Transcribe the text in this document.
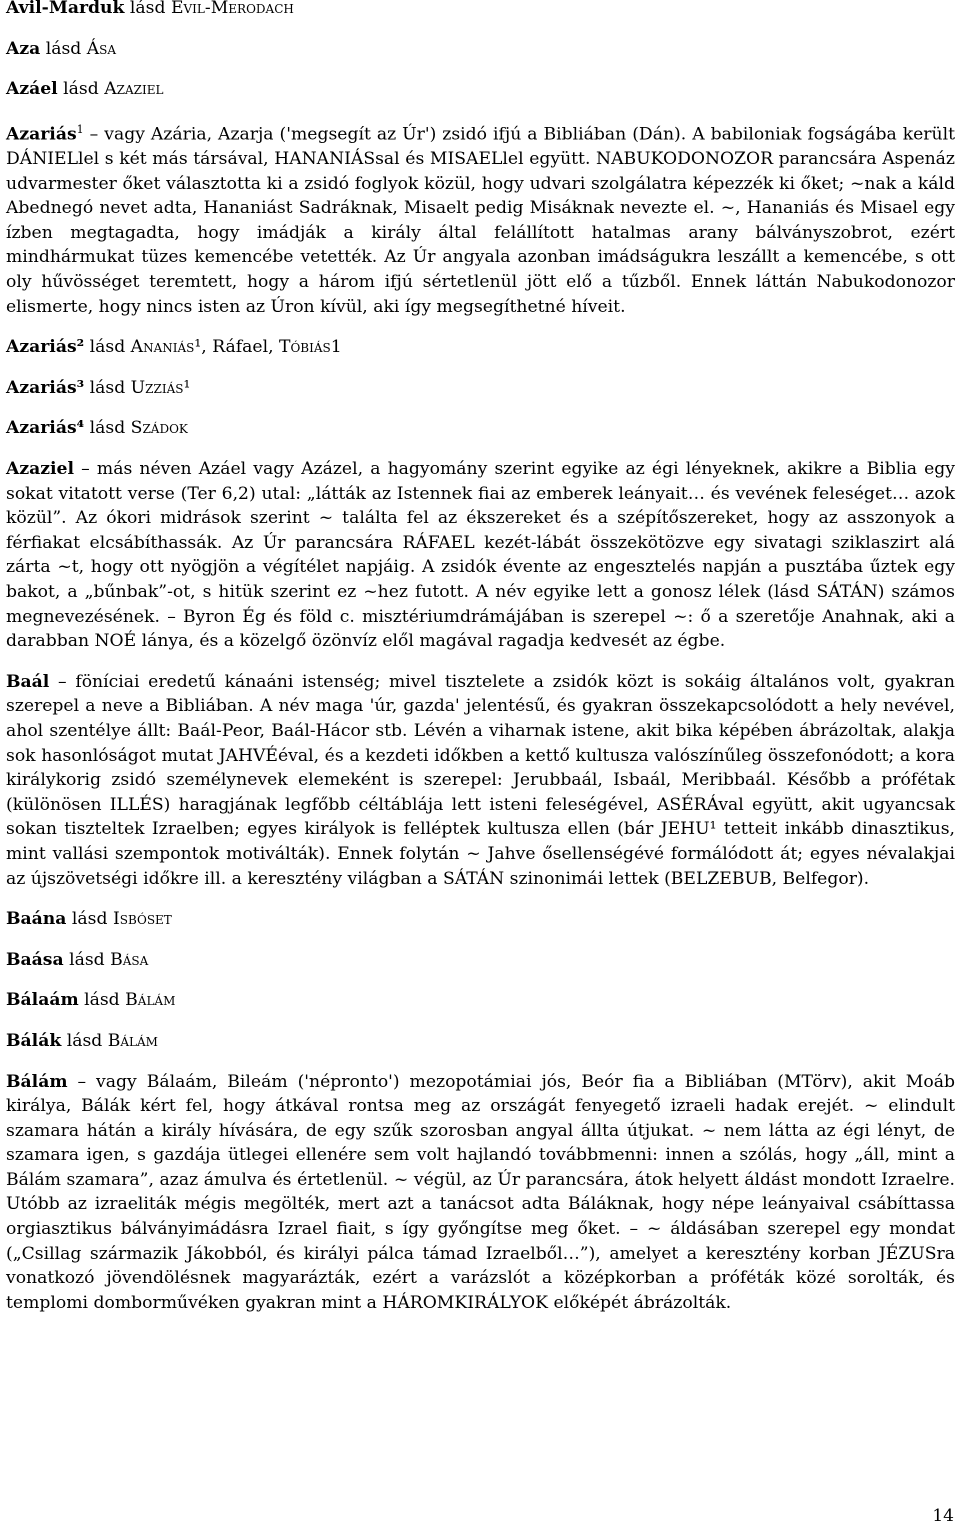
Avil-Marduk lásd Evil-Merodach

Aza lásd Ása

Azáel lásd Azaziel

Azariás$^1$ – vagy Azária, Azarja ('megsegít az Úr') zsidó ifjú a Bibliában (Dán). A babiloniak fogságába került DÁNIELlel s két más társával, HANANIÁSsal és MISAELlel együtt. NABUKODONOZOR parancsára Aspenáz udvarmester őket választotta ki a zsidó foglyok közül, hogy udvari szolgálatra képezzék ki őket; ~nak a káld Abednegó nevet adta, Hananiást Sadráknak, Misaelt pedig Misáknak nevezte el. ~, Hananiás és Misael egy ízben megtagadta, hogy imádják a király által felállított hatalmas arany bálványszobrot, ezért mindhármukat tüzes kemencébe vetették. Az Úr angyala azonban imádságukra leszállt a kemencébe, s ott oly hűvösséget teremtett, hogy a három ifjú sértetlenül jött elő a tűzből. Ennek láttán Nabukodonozor elismerte, hogy nincs isten az Úron kívül, aki így megsegíthetné híveit.

Azariás² lásd Ananiás¹, Ráfael, Tóbiás1

Azariás³ lásd Uzziás¹

Azariás⁴ lásd Szádok

Azaziel – más néven Azáel vagy Azázel, a hagyomány szerint egyike az égi lényeknek, akikre a Biblia egy sokat vitatott verse (Ter 6,2) utal: „látták az Istennek fiai az emberek leányait… és vevének feleséget… azok közül”. Az ókori midrások szerint ~ találta fel az ékszereket és a szépítőszereket, hogy az asszonyok a férfiakat elcsábíthassák. Az Úr parancsára RÁFAEL kezét-lábát összekötözve egy sivatagi sziklaszirt alá zárta ~t, hogy ott nyögjön a végítélet napjáig. A zsidók évente az engesztelés napján a pusztába űztek egy bakot, a „bűnbak”-ot, s hitük szerint ez ~hez futott. A név egyike lett a gonosz lélek (lásd SÁTÁN) számos megnevezésének. – Byron Ég és föld c. misztériumdrámájában is szerepel ~: ő a szeretője Anahnak, aki a darabban NOÉ lánya, és a közelgő özönvíz elől magával ragadja kedvesét az égbe.

Baál – föníciai eredetű kánaáni istenség; mivel tisztelete a zsidók közt is sokáig általános volt, gyakran szerepel a neve a Bibliában. A név maga 'úr, gazda' jelentésű, és gyakran összekapcsolódott a hely nevével, ahol szentélye állt: Baál-Peor, Baál-Hácor stb. Lévén a viharnak istene, akit bika képében ábrázoltak, alakja sok hasonlóságot mutat JAHVÉéval, és a kezdeti időkben a kettő kultusza valószínűleg összefonódott; a kora királykorig zsidó személynevek elemeként is szerepel: Jerubbaál, Isbaál, Meribbaál. Később a prófétak (különösen ILLÉS) haragjának legfőbb céltáblája lett isteni feleségével, ASÉRÁval együtt, akit ugyancsak sokan tiszteltek Izraelben; egyes királyok is felléptek kultusza ellen (bár JEHU¹ tetteit inkább dinasztikus, mint vallási szempontok motiválták). Ennek folytán ~ Jahve ősellenségévé formálódott át; egyes névalakjai az újszövetségi időkre ill. a keresztény világban a SÁTÁN szinonimái lettek (BELZEBUB, Belfegor).

Baána lásd Isbóset

Baása lásd Bása

Bálaám lásd Bálám

Bálák lásd Bálám

Bálám – vagy Bálaám, Bileám ('népronto') mezopotámiai jós, Beór fia a Bibliában (MTörv), akit Moáb királya, Bálák kért fel, hogy átkával rontsa meg az országát fenyegető izraeli hadak erejét. ~ elindult szamara hátán a király hívására, de egy szűk szorosban angyal állta útjukat. ~ nem látta az égi lényt, de szamara igen, s gazdája ütlegei ellenére sem volt hajlandó továbbmenni: innen a szólás, hogy „áll, mint a Bálám szamara”, azaz ámulva és értetlenül. ~ végül, az Úr parancsára, átok helyett áldást mondott Izraelre. Utóbb az izraeliták mégis megölték, mert azt a tanácsot adta Báláknak, hogy népe leányaival csábíttassa orgiasztikus bálványimádásra Izrael fiait, s így győngítse meg őket. – ~ áldásában szerepel egy mondat („Csillag származik Jákobból, és királyi pálca támad Izraelből…”), amelyet a keresztény korban JÉZUSra vonatkozó jövendölésnek magyarázták, ezért a varázslót a középkorban a próféták közé sorolták, és templomi domborművéken gyakran mint a HÁROMKIRÁLYOK előképét ábrázolták.

14
